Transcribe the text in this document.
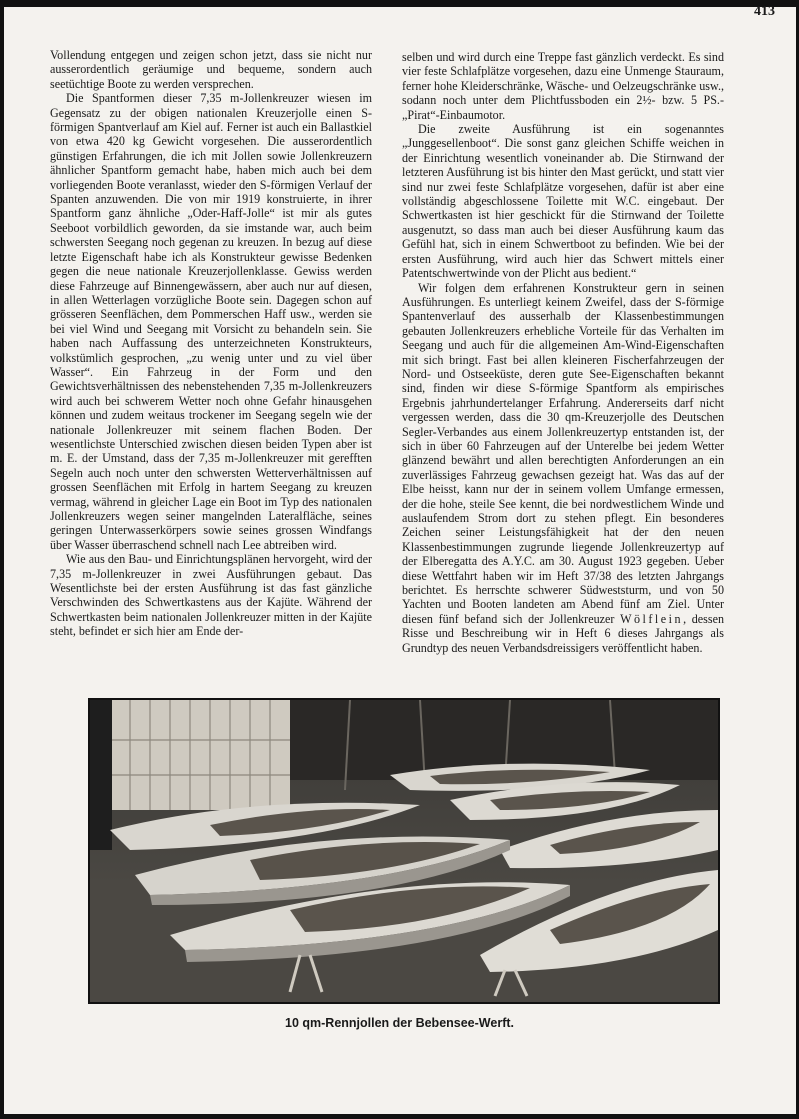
413

Vollendung entgegen und zeigen schon jetzt, dass sie nicht nur ausserordentlich geräumige und bequeme, sondern auch seetüchtige Boote zu werden versprechen.

Die Spantformen dieser 7,35 m-Jollenkreuzer wiesen im Gegensatz zu der obigen nationalen Kreuzerjolle einen S-förmigen Spantverlauf am Kiel auf. Ferner ist auch ein Ballastkiel von etwa 420 kg Gewicht vorgesehen. Die ausserordentlich günstigen Erfahrungen, die ich mit Jollen sowie Jollenkreuzern ähnlicher Spantform gemacht habe, haben mich auch bei dem vorliegenden Boote veranlasst, wieder den S-förmigen Verlauf der Spanten anzuwenden. Die von mir 1919 konstruierte, in ihrer Spantform ganz ähnliche „Oder-Haff-Jolle“ ist mir als gutes Seeboot vorbildlich geworden, da sie imstande war, auch beim schwersten Seegang noch gegenan zu kreuzen. In bezug auf diese letzte Eigenschaft habe ich als Konstrukteur gewisse Bedenken gegen die neue nationale Kreuzerjollenklasse. Gewiss werden diese Fahrzeuge auf Binnengewässern, aber auch nur auf diesen, in allen Wetterlagen vorzügliche Boote sein. Dagegen schon auf grösseren Seenflächen, dem Pommerschen Haff usw., werden sie bei viel Wind und Seegang mit Vorsicht zu behandeln sein. Sie haben nach Auffassung des unterzeichneten Konstrukteurs, volkstümlich gesprochen, „zu wenig unter und zu viel über Wasser“. Ein Fahrzeug in der Form und den Gewichtsverhältnissen des nebenstehenden 7,35 m-Jollenkreuzers wird auch bei schwerem Wetter noch ohne Gefahr hinausgehen können und zudem weitaus trockener im Seegang segeln wie der nationale Jollenkreuzer mit seinem flachen Boden. Der wesentlichste Unterschied zwischen diesen beiden Typen aber ist m. E. der Umstand, dass der 7,35 m-Jollenkreuzer mit gerefften Segeln auch noch unter den schwersten Wetterverhältnissen auf grossen Seenflächen mit Erfolg in hartem Seegang zu kreuzen vermag, während in gleicher Lage ein Boot im Typ des nationalen Jollenkreuzers wegen seiner mangelnden Lateralfläche, seines geringen Unterwasserkörpers sowie seines grossen Windfangs über Wasser überraschend schnell nach Lee abtreiben wird.

Wie aus den Bau- und Einrichtungsplänen hervorgeht, wird der 7,35 m-Jollenkreuzer in zwei Ausführungen gebaut. Das Wesentlichste bei der ersten Ausführung ist das fast gänzliche Verschwinden des Schwertkastens aus der Kajüte. Während der Schwertkasten beim nationalen Jollenkreuzer mitten in der Kajüte steht, befindet er sich hier am Ende der-

selben und wird durch eine Treppe fast gänzlich verdeckt. Es sind vier feste Schlafplätze vorgesehen, dazu eine Unmenge Stauraum, ferner hohe Kleiderschränke, Wäsche- und Oelzeugschränke usw., sodann noch unter dem Plichtfussboden ein 2½- bzw. 5 PS.-„Pirat“-Einbaumotor.

Die zweite Ausführung ist ein sogenanntes „Junggesellenboot“. Die sonst ganz gleichen Schiffe weichen in der Einrichtung wesentlich voneinander ab. Die Stirnwand der letzteren Ausführung ist bis hinter den Mast gerückt, und statt vier sind nur zwei feste Schlafplätze vorgesehen, dafür ist aber eine vollständig abgeschlossene Toilette mit W.C. eingebaut. Der Schwertkasten ist hier geschickt für die Stirnwand der Toilette ausgenutzt, so dass man auch bei dieser Ausführung kaum das Gefühl hat, sich in einem Schwertboot zu befinden. Wie bei der ersten Ausführung, wird auch hier das Schwert mittels einer Patentschwertwinde von der Plicht aus bedient.“

Wir folgen dem erfahrenen Konstrukteur gern in seinen Ausführungen. Es unterliegt keinem Zweifel, dass der S-förmige Spantenverlauf des ausserhalb der Klassenbestimmungen gebauten Jollenkreuzers erhebliche Vorteile für das Verhalten im Seegang und auch für die allgemeinen Am-Wind-Eigenschaften mit sich bringt. Fast bei allen kleineren Fischerfahrzeugen der Nord- und Ostseeküste, deren gute See-Eigenschaften bekannt sind, finden wir diese S-förmige Spantform als empirisches Ergebnis jahrhundertelanger Erfahrung. Andererseits darf nicht vergessen werden, dass die 30 qm-Kreuzerjolle des Deutschen Segler-Verbandes aus einem Jollenkreuzertyp entstanden ist, der sich in über 60 Fahrzeugen auf der Unterelbe bei jedem Wetter glänzend bewährt und allen berechtigten Anforderungen an ein zuverlässiges Fahrzeug gewachsen gezeigt hat. Was das auf der Elbe heisst, kann nur der in seinem vollem Umfange ermessen, der die hohe, steile See kennt, die bei nordwestlichem Winde und auslaufendem Strom dort zu stehen pflegt. Ein besonderes Zeichen seiner Leistungsfähigkeit hat der den neuen Klassenbestimmungen zugrunde liegende Jollenkreuzertyp auf der Elberegatta des A.Y.C. am 30. August 1923 gegeben. Ueber diese Wettfahrt haben wir im Heft 37/38 des letzten Jahrgangs berichtet. Es herrschte schwerer Südweststurm, und von 50 Yachten und Booten landeten am Abend fünf am Ziel. Unter diesen fünf befand sich der Jollenkreuzer Wölflein, dessen Risse und Beschreibung wir in Heft 6 dieses Jahrgangs als Grundtyp des neuen Verbandsdreissigers veröffentlicht haben.

10 qm-Rennjollen der Bebensee-Werft.
